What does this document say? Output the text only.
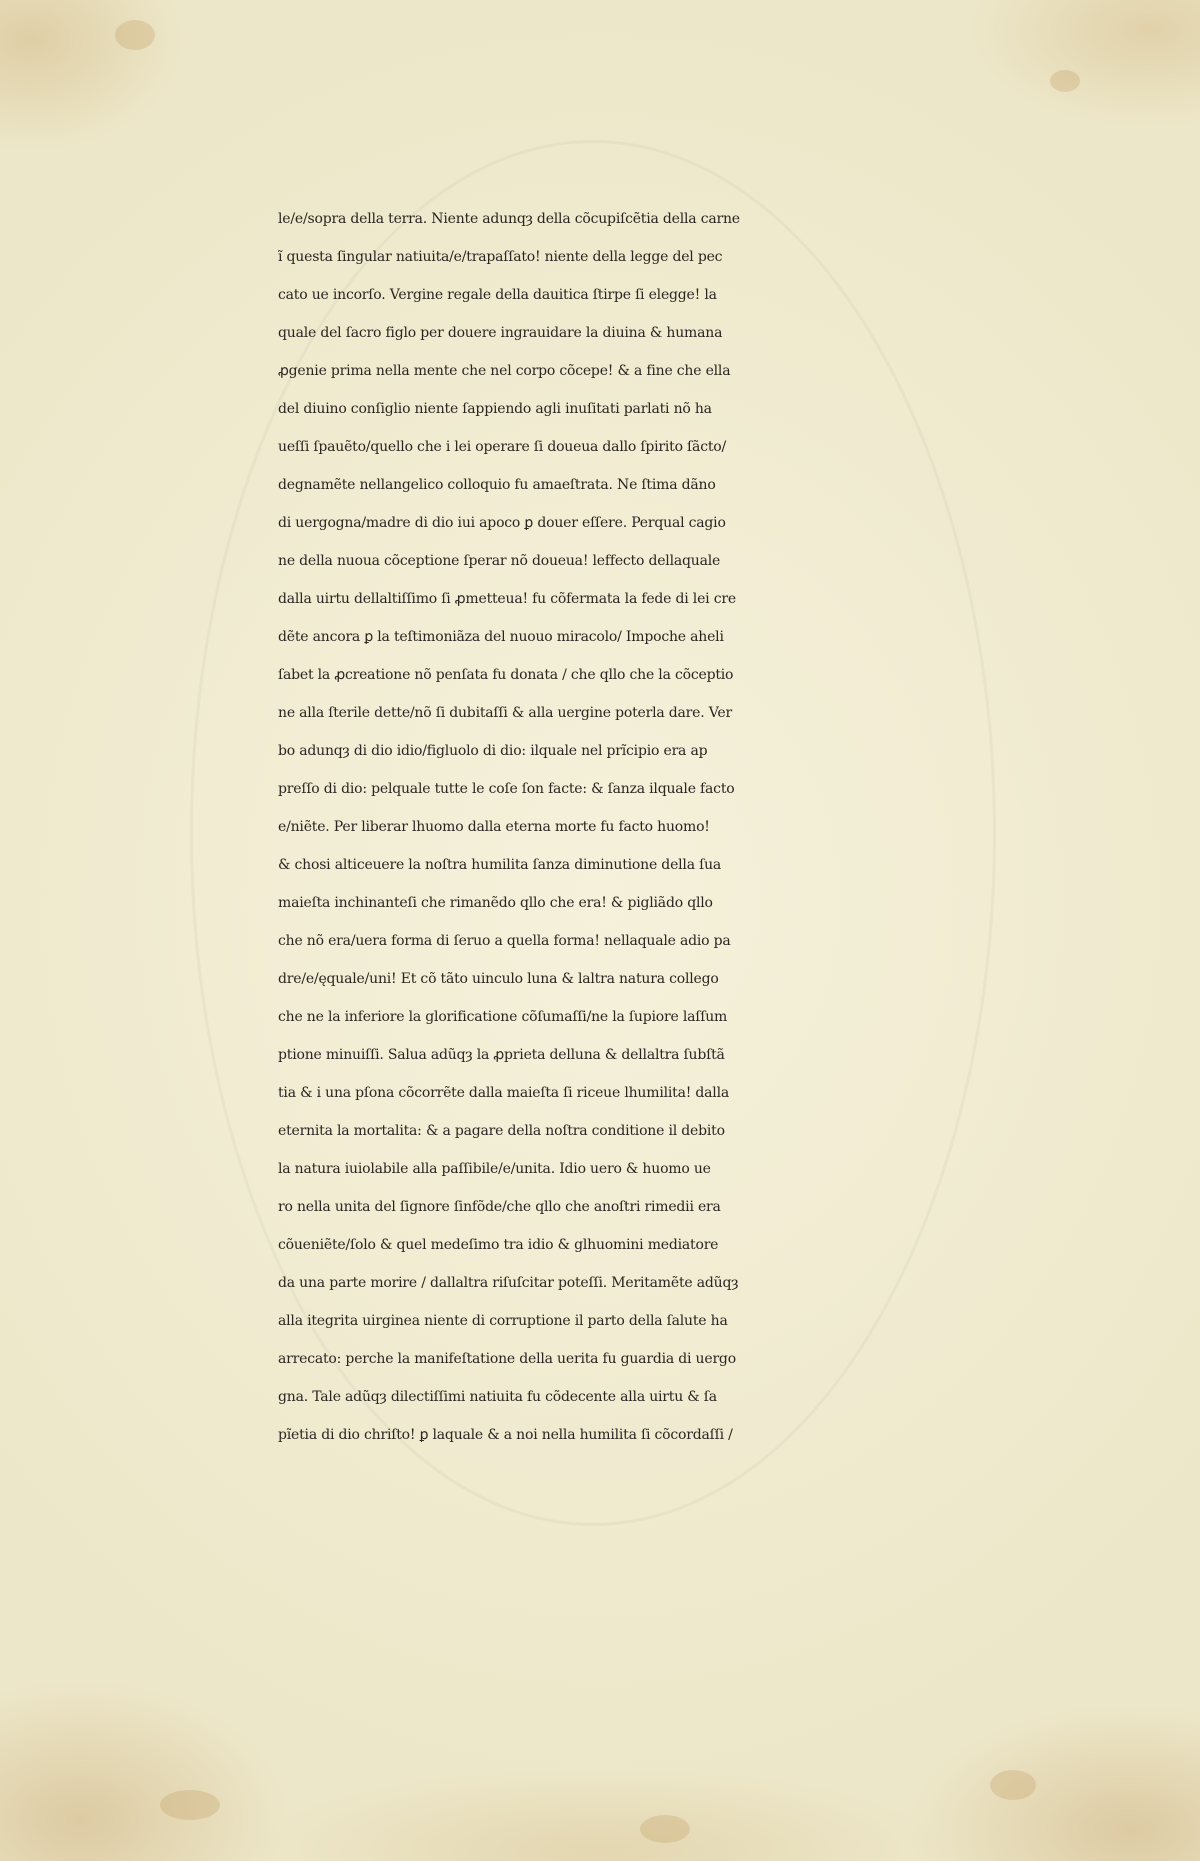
le/e/sopra della terra. Niente adunqȝ della cõcupiſcẽtia della carne
ĩ questa ſingular natiuita/e/trapaſſato! niente della legge del pec
cato ue incorſo. Vergine regale della dauitica ſtirpe ſi elegge! la
quale del ſacro figlo per douere ingrauidare la diuina & humana
ꝓgenie prima nella mente che nel corpo cõcepe! & a fine che ella
del diuino conſiglio niente ſappiendo agli inuſitati parlati nõ ha
ueſſi ſpauẽto/quello che i lei operare ſi doueua dallo ſpirito ſãcto/
degnamẽte nellangelico colloquio fu amaeſtrata. Ne ſtima dãno
di uergogna/madre di dio iui apoco ꝑ douer eſſere. Perqual cagio
ne della nuoua cõceptione ſperar nõ doueua! leffecto dellaquale
dalla uirtu dellaltiſſimo ſi ꝓmetteua! fu cõfermata la fede di lei cre
dẽte ancora ꝑ la teſtimoniãza del nuouo miracolo/ Impoche aheli
ſabet la ꝓcreatione nõ penſata fu donata / che qllo che la cõceptio
ne alla ſterile dette/nõ ſi dubitaſſi & alla uergine poterla dare. Ver
bo adunqȝ di dio idio/figluolo di dio: ilquale nel prĩcipio era ap
preſſo di dio: pelquale tutte le coſe ſon facte: & ſanza ilquale facto
e/niẽte. Per liberar lhuomo dalla eterna morte fu facto huomo!
& chosi alticeuere la noſtra humilita ſanza diminutione della ſua
maieſta inchinanteſi che rimanẽdo qllo che era! & pigliãdo qllo
che nõ era/uera forma di ſeruo a quella forma! nellaquale adio pa
dre/e/ęquale/uni! Et cõ tãto uinculo luna & laltra natura collego
che ne la inferiore la glorificatione cõſumaſſi/ne la ſupiore laſſum
ptione minuiſſi. Salua adũqȝ la ꝓprieta delluna & dellaltra ſubſtã
tia & i una pſona cõcorrẽte dalla maieſta ſi riceue lhumilita! dalla
eternita la mortalita: & a pagare della noſtra conditione il debito
la natura iuiolabile alla paſſibile/e/unita. Idio uero & huomo ue
ro nella unita del ſignore ſinfõde/che qllo che anoſtri rimedii era
cõueniẽte/ſolo & quel medeſimo tra idio & glhuomini mediatore
da una parte morire / dallaltra riſuſcitar poteſſi. Meritamẽte adũqȝ
alla itegrita uirginea niente di corruptione il parto della ſalute ha
arrecato: perche la manifeſtatione della uerita fu guardia di uergo
gna. Tale adũqȝ dilectiſſimi natiuita fu cõdecente alla uirtu & ſa
pĩetia di dio chriſto! ꝑ laquale & a noi nella humilita ſi cõcordaſſi /
